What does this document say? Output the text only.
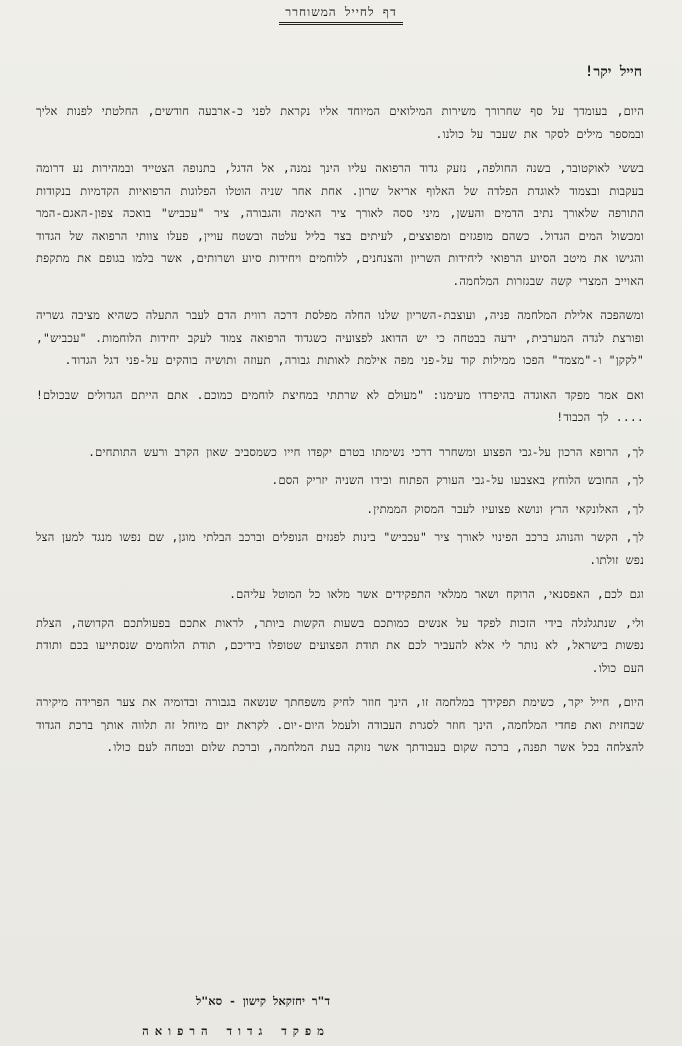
דף לחייל המשוחרר
חייל יקר!

היום, בעומדך על סף שחרורך משירות המילואים המיוחד אליו נקראת לפני כ-ארבעה חודשים, החלטתי לפנות אליך ובמספר מילים לסקר את שעבר על כולנו.

בששי לאוקטובר, בשנה החולפה, נזעק גדוד הרפואה עליו הינך נמנה, אל הדגל, בתנופה הצטייד ובמהירות נע דרומה בעקבות ובצמוד לאוגדת הפלדה של האלוף אריאל שרון. אחת אחר שניה הוטלו הפלוגות הרפואיות הקדמיות בנקודות התורפה שלאורך נתיב הדמים והעשן, מיני ססה לאורך ציר האימה והגבורה, ציר "עכביש" בואכה צפון-האגם-המר ומכשול המים הגדול. כשהם מופגזים ומפוצצים, לעיתים בצד בליל עלטה ובשטח עויין, פעלו צוותי הרפואה של הגדוד והגישו את מיטב הסיוע הרפואי ליחידות השריון והצנחנים, ללוחמים ויחידות סיוע ושרותים, אשר בלמו בגופם את מתקפת האוייב המצרי קשה שבגזרות המלחמה.

ומשהפכה אלילת המלחמה פניה, ועוצבת-השריון שלנו החלה מפלסת דרכה רווית הדם לעבר התעלה כשהיא מציבה גשריה ופורצת לגדה המערבית, ידעה בבטחה כי יש הדואג לפצועיה כשגדוד הרפואה צמוד לעקב יחידות הלוחמות. "עכביש", "לקקן" ו-"מצמד" הפכו ממילות קוד על-פני מפה אילמת לאותות גבורה, תעוזה ותושיה בוהקים על-פני דגל הגדוד.

ואם אמר מפקד האוגדה בהיפרדו מעימנו: "מעולם לא שרתתי במחיצת לוחמים כמוכם. אתם הייתם הגדולים שבכולם! .... לך הכבוד!

לך, הרופא הרכון על-גבי הפצוע ומשחרר דרכי נשימתו בטרם יקפדו חייו כשמסביב שאון הקרב ורעש התותחים.

לך, החובש הלוחץ באצבעו על-גבי העורק הפתוח ובידו השניה יזריק הסם.

לך, האלונקאי הרץ ונושא פצועיו לעבר המסוק הממתין.

לך, הקשר והנוהג ברכב הפינוי לאורך ציר "עכביש" בינות לפגזים הנופלים וברכב הבלתי מוגן, שם נפשו מנגד למען הצל נפש זולתו.

וגם לכם, האפסנאי, הרוקח ושאר ממלאי התפקידים אשר מלאו כל המוטל עליהם.

ולי, שנתגלגלה בידי הזכות לפקד על אנשים כמותכם בשעות הקשות ביותר, לראות אתכם בפעולתכם הקדושה, הצלת נפשות בישראל, לא נותר לי אלא להעביר לכם את תודת הפצועים שטופלו בידיכם, תודת הלוחמים שנסתייעו בכם ותודת העם כולו.

היום, חייל יקר, כשימת תפקידך במלחמה זו, הינך חוזר לחיק משפחתך שנשאה בגבורה ובדומיה את צער הפרידה מיקירה שבחזית ואת פחדי המלחמה, הינך חוזר לסגרת העבודה ולעמל היום-יום. לקראת יום מיוחל זה תלווה אותך ברכת הגדוד להצלחה בכל אשר תפנה, ברכה שקום בעבודתך אשר נזוקה בעת המלחמה, וברכת שלום ובטחה לעם כולו.

ד"ר יחזקאל קישון - סא"ל
מפקד גדוד הרפואה
